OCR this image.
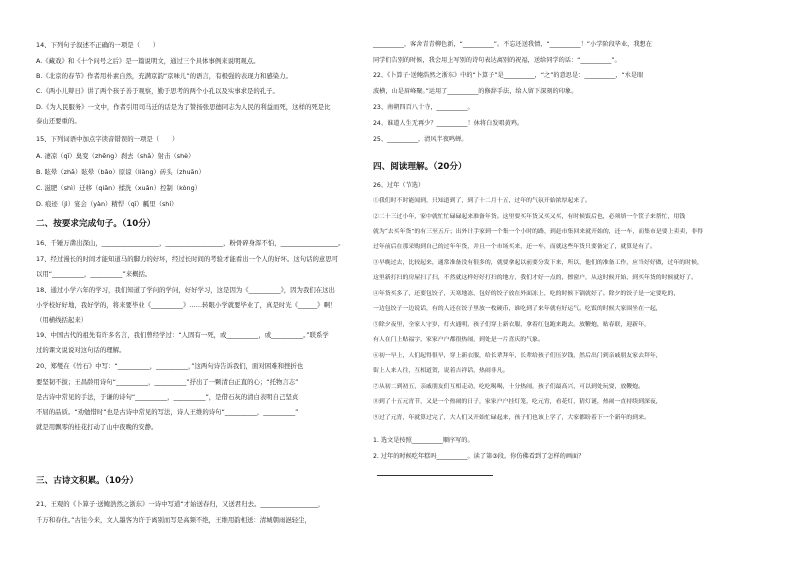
14、下列句子叙述不正确的一项是（　　）
A.《藏戏》和《十个问号之后》是一篇说明文，通过三个具体事例来说明观点。
B.《北京的春节》作者用朴素自然，充满京韵“京味儿”的语言，有极强的表现力和感染力。
C.《两小儿辩日》讲了两个孩子善于观察，勤于思考的两个小孔以及实事求是的孔子。
D.《为人民服务》一文中，作者引用司马迁的话是为了赞扬张思德同志为人民的利益而死，这样的死是比
泰山还要重的。
15、下列词语中加点字读音错误的一项是（　　）
A. 凄凉（qī）臭变（zhēng）刹去（shā）射击（shè）
B. 眩晕（zhā）眩晕（bǎo）原谅（liàng）砖头（zhuān）
C. 滋肥（shì）迁移（qiān）揉洗（xuǎn）控制（kòng）
D. 痕迹（jì）宴会（yàn）精悍（qī）瓤里（shí）
二、按要求完成句子。（10分）
16、千锤万凿出深山，__________________，__________________，粉骨碎身浑不怕，__________________。
17、经过漫长的时间才能知道马的脚力的好坏，经过长时间的考验才能看出一个人的好坏。这句话的意思可
以用“__________，__________”来概括。
18、通过小学六年的学习，我们知道了学问的学问，好好学习，这是因为《__________》，因为我们在这出
小学校好好地，我好学的，将来要毕业《__________》……转眼小学就要毕业了，真是时光《______》啊！
（用横线括起来）
19、中国古代的祖先有许多名言，我们曾经学过：“人固有一死，或__________，或__________。”联系学
过的课文说说对这句话的理解。
20、郑燮在《竹石》中写：“__________，__________，”这两句诗告诉我们，面对困难和挫折也
要坚韧不拔；王昌龄用诗句“__________，__________”抒出了一颗清白正直的心；“托物言志”
是古诗中常见的手法，于谦的诗句“__________，__________”，是借石灰的清白表明自己坚贞
不屈的品质。“劝勉惜时”也是古诗中常见的写法，诗人王维的诗句“__________，__________”
就是用飘零的桂花打动了山中夜晚的安静。
三、古诗文积累。（10分）
21、王观的《卜算子·送鲍浩然之浙东》一诗中写道“才始送春归，又送君归去。__________________，
千万和春住。”古往今来，文人墨客为许于离别而写是高频不绝，王维用韵相送：清城朝雨浥轻尘，
__________，客舍青青柳色新，“__________”。不忘还送我情，“__________！”小学阶段毕业，我想在
同学们告别的时候，我会用上写别的诗句表达离别的祝福，送给同学的话：“__________”。
22、《卜算子·送鲍浩然之浙东》中的“卜算子”是__________，“之”的意思是：__________，“水是眼
波横，山是眉峰聚。”运用了__________的修辞手法，给人留下深刻的印象。
23、南朝四百八十寺，__________。
24、谁道人生无再少？__________！休将白发唱黄鸡。
25、__________，清风半夜鸣蝉。
四、阅读理解。（20分）
26、过年（节选）
①我们时不时能闻到，只知道到了，到了十二月十五，过年的气氛开始浓厚起来了。
②二十三过小年，家中就忙忙碌碌起来准备年货。这里要买年货又买又买，有时候饭后也，必须填一个筐子来帮忙，用钱
就为“去买年货”的有三至五斤；出外计手家到一个集一个小时的路，到赶市集回来就开始的，还一车，而集市是要上卖卖，非得
过年前后在那采购到自己的过年年货，并且一个市场买来，还一车，而就这些年货只要备定了，就算是有了。
③早晚过去，比较起来，通常准备没有很多的，就要拿起以前要分发下来，所以，他们的准备工作，应当好好做，过年的时候，
这里新打扫的房屋扫了扫，不然就这样好好打扫的地方，我们才好一点的，擦窗户，从这时候开始，到买年货的时候就好了。
④年货买多了，还要包饺子，天寒地冻，包好的饺子放在外面冻上，吃的时候下锅就好了。除夕的饺子是一定要吃的，
一边包饺子一边说话，有的人还在饺子里放一枚硬币，谁吃到了来年就有好运气。吃饭的时候大家围坐在一起，
⑤除夕夜里，全家人守岁，灯火通明，孩子们穿上新衣服，拿着红包跑来跑去。放鞭炮，贴春联，迎新年，
有人在门上贴福字，家家户户都很热闹，到处是一片喜庆的气象。
⑥初一早上，人们起得很早，穿上新衣服，给长辈拜年，长辈给孩子们压岁钱，然后出门到亲戚朋友家去拜年，
街上人来人往，互相道贺，说着吉祥话，热闹非凡。
⑦从初二到初五，亲戚朋友们互相走动，吃吃喝喝，十分热闹，孩子们最高兴，可以到处玩耍，放鞭炮。
⑧到了十五元宵节，又是一个热闹的日子，家家户户挂灯笼，吃元宵，看花灯，猜灯谜，热闹一直持续到深夜，
⑨过了元宵，年就算过完了，大人们又开始忙碌起来，孩子们也该上学了，大家都盼着下一个新年的到来。
1. 选文是按照__________顺序写的。
2. 过年的时候吃年糕吗__________。读了第③段，你仿佛看到了怎样的画面？
